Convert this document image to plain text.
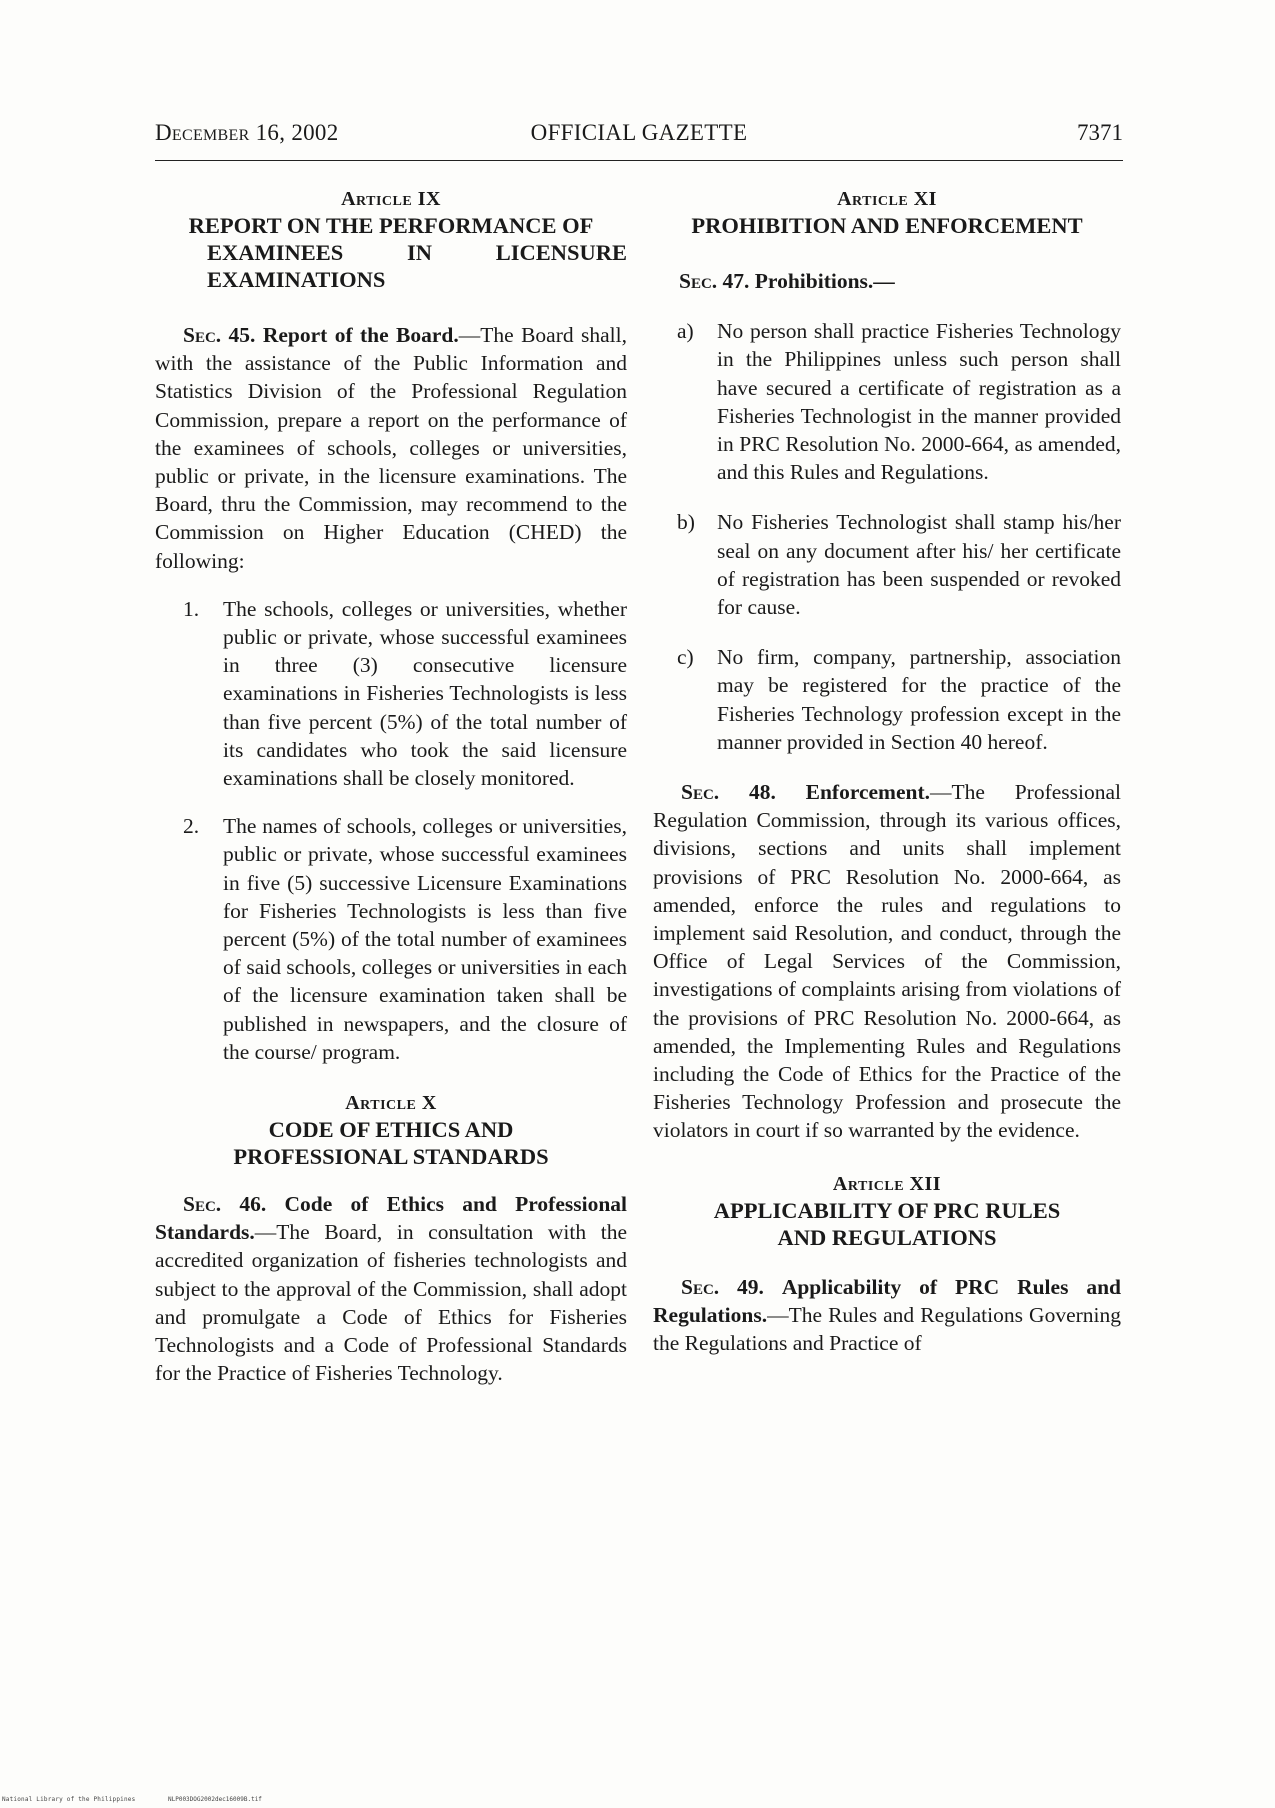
December 16, 2002	OFFICIAL GAZETTE	7371
Article IX
REPORT ON THE PERFORMANCE OF
EXAMINEES IN LICENSURE
EXAMINATIONS

Sec. 45. Report of the Board.—The Board shall, with the assistance of the Public Information and Statistics Division of the Professional Regulation Commission, prepare a report on the performance of the examinees of schools, colleges or universities, public or private, in the licensure examinations. The Board, thru the Commission, may recommend to the Commission on Higher Education (CHED) the following:

1. The schools, colleges or universities, whether public or private, whose successful examinees in three (3) consecutive licensure examinations in Fisheries Technologists is less than five percent (5%) of the total number of its candidates who took the said licensure examinations shall be closely monitored.
2. The names of schools, colleges or universities, public or private, whose successful examinees in five (5) successive Licensure Examinations for Fisheries Technologists is less than five percent (5%) of the total number of examinees of said schools, colleges or universities in each of the licensure examination taken shall be published in newspapers, and the closure of the course/ program.
Article X
CODE OF ETHICS AND
PROFESSIONAL STANDARDS

Sec. 46. Code of Ethics and Professional Standards.—The Board, in consultation with the accredited organization of fisheries technologists and subject to the approval of the Commission, shall adopt and promulgate a Code of Ethics for Fisheries Technologists and a Code of Professional Standards for the Practice of Fisheries Technology.

Article XI
PROHIBITION AND ENFORCEMENT

Sec. 47. Prohibitions.—

a) No person shall practice Fisheries Technology in the Philippines unless such person shall have secured a certificate of registration as a Fisheries Technologist in the manner provided in PRC Resolution No. 2000-664, as amended, and this Rules and Regulations.
b) No Fisheries Technologist shall stamp his/her seal on any document after his/ her certificate of registration has been suspended or revoked for cause.
c) No firm, company, partnership, association may be registered for the practice of the Fisheries Technology profession except in the manner provided in Section 40 hereof.

Sec. 48. Enforcement.—The Professional Regulation Commission, through its various offices, divisions, sections and units shall implement provisions of PRC Resolution No. 2000-664, as amended, enforce the rules and regulations to implement said Resolution, and conduct, through the Office of Legal Services of the Commission, investigations of complaints arising from violations of the provisions of PRC Resolution No. 2000-664, as amended, the Implementing Rules and Regulations including the Code of Ethics for the Practice of the Fisheries Technology Profession and prosecute the violators in court if so warranted by the evidence.

Article XII
APPLICABILITY OF PRC RULES
AND REGULATIONS

Sec. 49. Applicability of PRC Rules and Regulations.—The Rules and Regulations Governing the Regulations and Practice of

National Library of the Philippines	NLP003DOG2002dec16009B.tif
